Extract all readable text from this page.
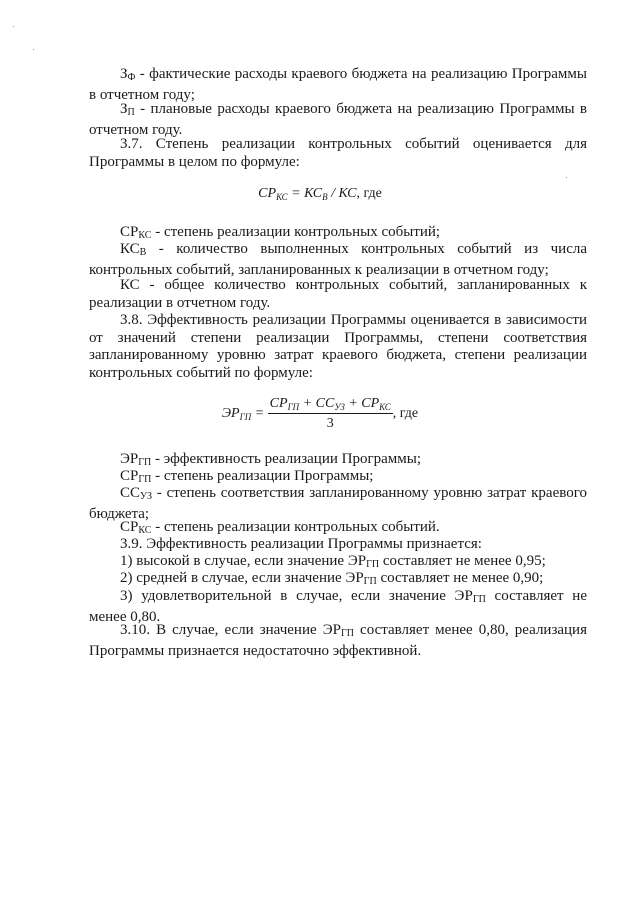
$З_Ф$ - фактические расходы краевого бюджета на реализацию Программы в отчетном году;

$З_П$ - плановые расходы краевого бюджета на реализацию Программы в отчетном году.

3.7. Степень реализации контрольных событий оценивается для Программы в целом по формуле:

$СР_{КС} = КС_В$ / КС, где

$СР_{КС}$ - степень реализации контрольных событий;

$КС_В$ - количество выполненных контрольных событий из числа контрольных событий, запланированных к реализации в отчетном году;

КС - общее количество контрольных событий, запланированных к реализации в отчетном году.

3.8. Эффективность реализации Программы оценивается в зависимости от значений степени реализации Программы, степени соответствия запланированному уровню затрат краевого бюджета, степени реализации контрольных событий по формуле:

$ЭР_{ГП} = \frac{СР_{ГП} + СС_{УЗ} + СР_{КС}}{3}$ , где

$ЭР_{ГП}$ - эффективность реализации Программы;

$СР_{ГП}$ - степень реализации Программы;

$СС_{УЗ}$ - степень соответствия запланированному уровню затрат краевого бюджета;

$СР_{КС}$ - степень реализации контрольных событий.

3.9. Эффективность реализации Программы признается:

1) высокой в случае, если значение $ЭР_{ГП}$ составляет не менее 0,95;

2) средней в случае, если значение $ЭР_{ГП}$ составляет не менее 0,90;

3) удовлетворительной в случае, если значение $ЭР_{ГП}$ составляет не менее 0,80.

3.10. В случае, если значение $ЭР_{ГП}$ составляет менее 0,80, реализация Программы признается недостаточно эффективной.
